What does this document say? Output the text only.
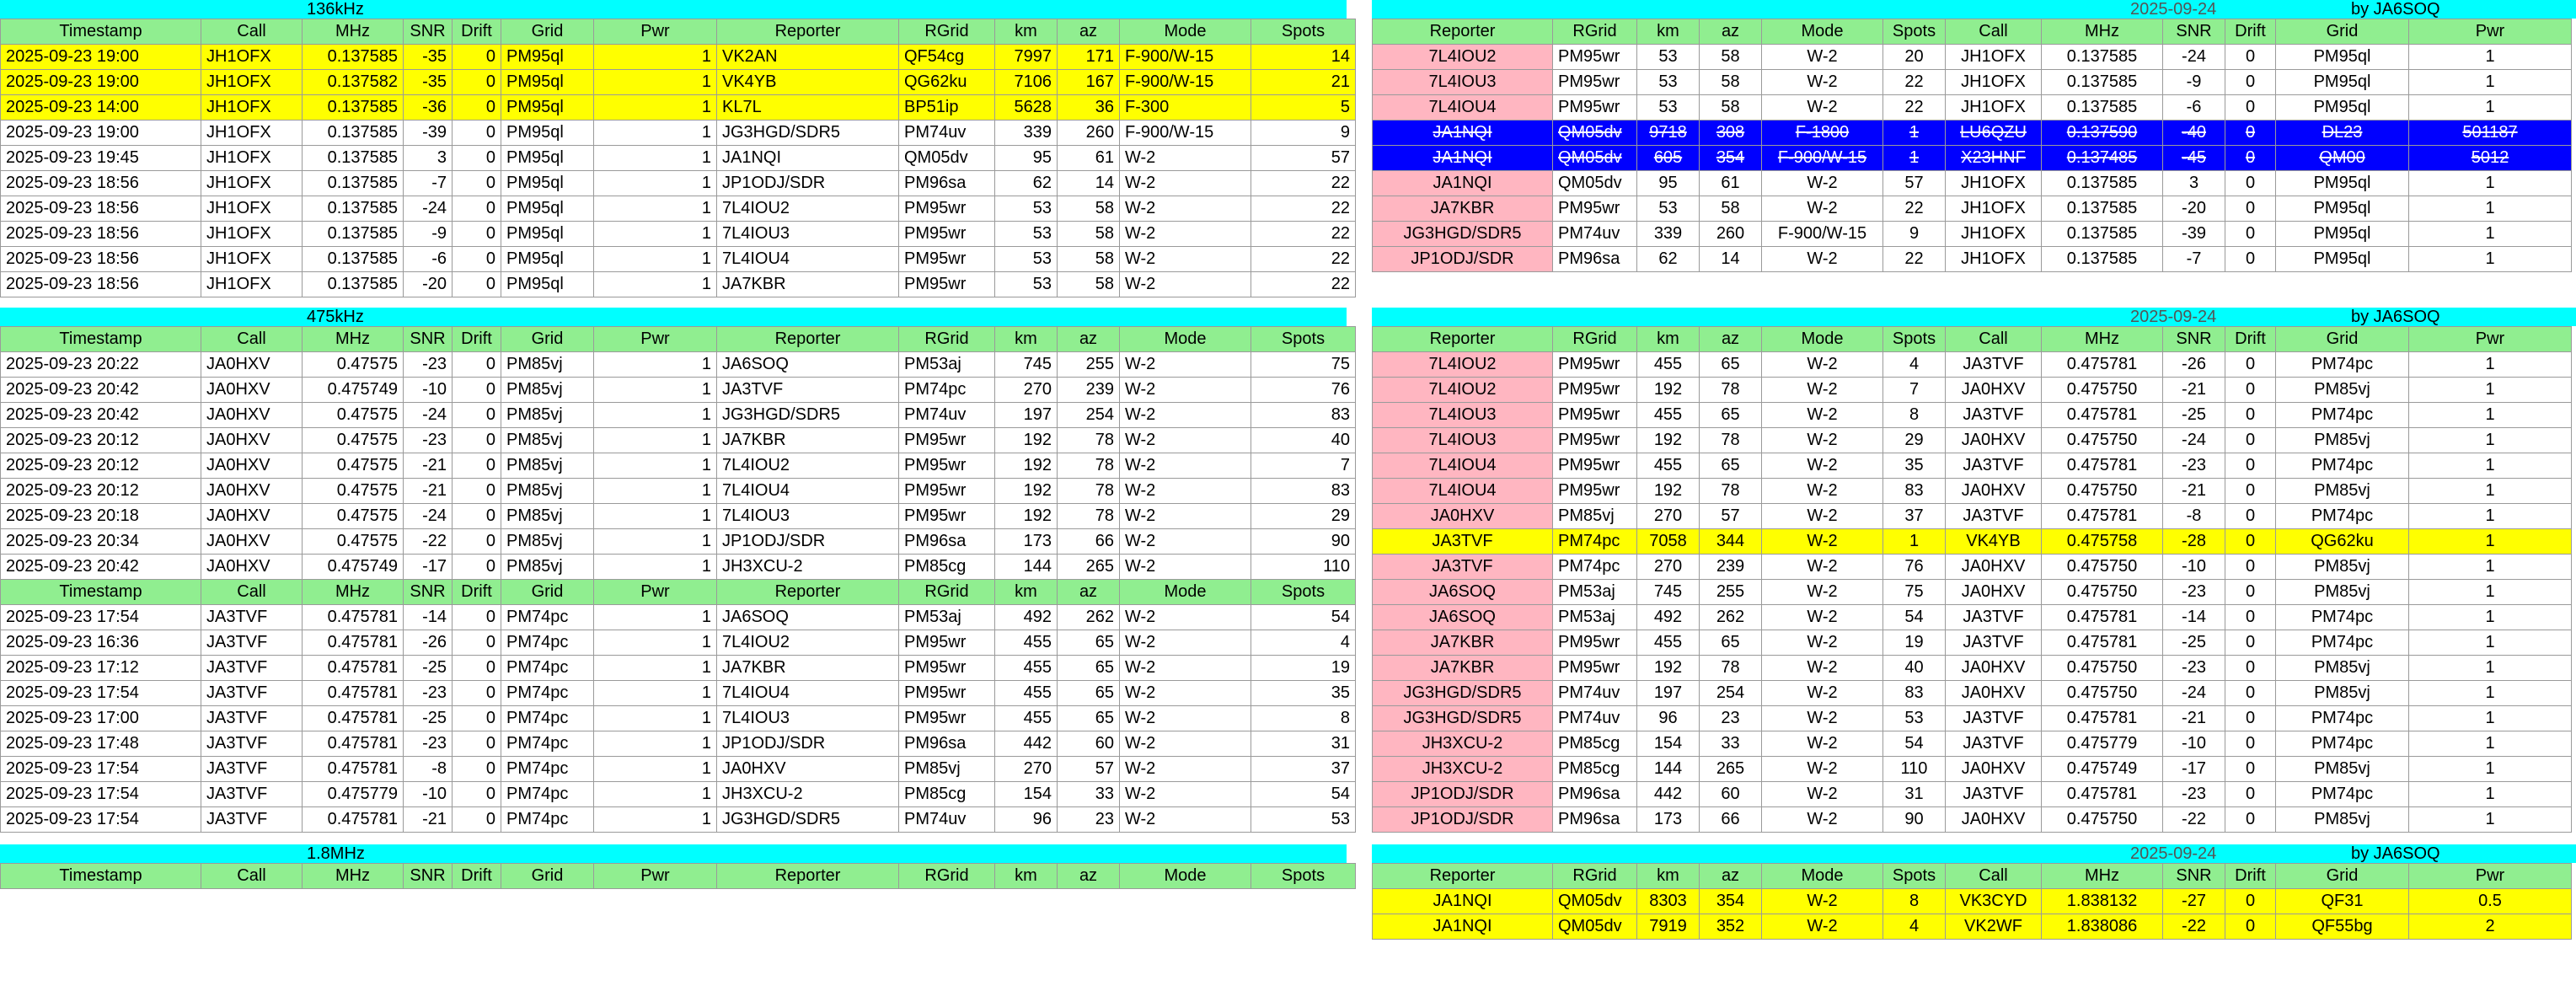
136kHz
Timestamp	Call	MHz	SNR	Drift	Grid	Pwr	Reporter	RGrid	km	az	Mode	Spots
2025-09-23 19:00	JH1OFX	0.137585	-35	0	PM95ql	1	VK2AN	QF54cg	7997	171	F-900/W-15	14
2025-09-23 19:00	JH1OFX	0.137582	-35	0	PM95ql	1	VK4YB	QG62ku	7106	167	F-900/W-15	21
2025-09-23 14:00	JH1OFX	0.137585	-36	0	PM95ql	1	KL7L	BP51ip	5628	36	F-300	5
2025-09-23 19:00	JH1OFX	0.137585	-39	0	PM95ql	1	JG3HGD/SDR5	PM74uv	339	260	F-900/W-15	9
2025-09-23 19:45	JH1OFX	0.137585	3	0	PM95ql	1	JA1NQI	QM05dv	95	61	W-2	57
2025-09-23 18:56	JH1OFX	0.137585	-7	0	PM95ql	1	JP1ODJ/SDR	PM96sa	62	14	W-2	22
2025-09-23 18:56	JH1OFX	0.137585	-24	0	PM95ql	1	7L4IOU2	PM95wr	53	58	W-2	22
2025-09-23 18:56	JH1OFX	0.137585	-9	0	PM95ql	1	7L4IOU3	PM95wr	53	58	W-2	22
2025-09-23 18:56	JH1OFX	0.137585	-6	0	PM95ql	1	7L4IOU4	PM95wr	53	58	W-2	22
2025-09-23 18:56	JH1OFX	0.137585	-20	0	PM95ql	1	JA7KBR	PM95wr	53	58	W-2	22
475kHz
Timestamp	Call	MHz	SNR	Drift	Grid	Pwr	Reporter	RGrid	km	az	Mode	Spots
2025-09-23 20:22	JA0HXV	0.47575	-23	0	PM85vj	1	JA6SOQ	PM53aj	745	255	W-2	75
2025-09-23 20:42	JA0HXV	0.475749	-10	0	PM85vj	1	JA3TVF	PM74pc	270	239	W-2	76
2025-09-23 20:42	JA0HXV	0.47575	-24	0	PM85vj	1	JG3HGD/SDR5	PM74uv	197	254	W-2	83
2025-09-23 20:12	JA0HXV	0.47575	-23	0	PM85vj	1	JA7KBR	PM95wr	192	78	W-2	40
2025-09-23 20:12	JA0HXV	0.47575	-21	0	PM85vj	1	7L4IOU2	PM95wr	192	78	W-2	7
2025-09-23 20:12	JA0HXV	0.47575	-21	0	PM85vj	1	7L4IOU4	PM95wr	192	78	W-2	83
2025-09-23 20:18	JA0HXV	0.47575	-24	0	PM85vj	1	7L4IOU3	PM95wr	192	78	W-2	29
2025-09-23 20:34	JA0HXV	0.47575	-22	0	PM85vj	1	JP1ODJ/SDR	PM96sa	173	66	W-2	90
2025-09-23 20:42	JA0HXV	0.475749	-17	0	PM85vj	1	JH3XCU-2	PM85cg	144	265	W-2	110
Timestamp	Call	MHz	SNR	Drift	Grid	Pwr	Reporter	RGrid	km	az	Mode	Spots
2025-09-23 17:54	JA3TVF	0.475781	-14	0	PM74pc	1	JA6SOQ	PM53aj	492	262	W-2	54
2025-09-23 16:36	JA3TVF	0.475781	-26	0	PM74pc	1	7L4IOU2	PM95wr	455	65	W-2	4
2025-09-23 17:12	JA3TVF	0.475781	-25	0	PM74pc	1	JA7KBR	PM95wr	455	65	W-2	19
2025-09-23 17:54	JA3TVF	0.475781	-23	0	PM74pc	1	7L4IOU4	PM95wr	455	65	W-2	35
2025-09-23 17:00	JA3TVF	0.475781	-25	0	PM74pc	1	7L4IOU3	PM95wr	455	65	W-2	8
2025-09-23 17:48	JA3TVF	0.475781	-23	0	PM74pc	1	JP1ODJ/SDR	PM96sa	442	60	W-2	31
2025-09-23 17:54	JA3TVF	0.475781	-8	0	PM74pc	1	JA0HXV	PM85vj	270	57	W-2	37
2025-09-23 17:54	JA3TVF	0.475779	-10	0	PM74pc	1	JH3XCU-2	PM85cg	154	33	W-2	54
2025-09-23 17:54	JA3TVF	0.475781	-21	0	PM74pc	1	JG3HGD/SDR5	PM74uv	96	23	W-2	53
1.8MHz
Timestamp	Call	MHz	SNR	Drift	Grid	Pwr	Reporter	RGrid	km	az	Mode	Spots
2025-09-24	by JA6SOQ
Reporter	RGrid	km	az	Mode	Spots	Call	MHz	SNR	Drift	Grid	Pwr
7L4IOU2	PM95wr	53	58	W-2	20	JH1OFX	0.137585	-24	0	PM95ql	1
7L4IOU3	PM95wr	53	58	W-2	22	JH1OFX	0.137585	-9	0	PM95ql	1
7L4IOU4	PM95wr	53	58	W-2	22	JH1OFX	0.137585	-6	0	PM95ql	1
JA1NQI	QM05dv	9718	308	F-1800	1	LU6QZU	0.137590	-40	0	DL23	501187
JA1NQI	QM05dv	605	354	F-900/W-15	1	X23HNF	0.137485	-45	0	QM00	5012
JA1NQI	QM05dv	95	61	W-2	57	JH1OFX	0.137585	3	0	PM95ql	1
JA7KBR	PM95wr	53	58	W-2	22	JH1OFX	0.137585	-20	0	PM95ql	1
JG3HGD/SDR5	PM74uv	339	260	F-900/W-15	9	JH1OFX	0.137585	-39	0	PM95ql	1
JP1ODJ/SDR	PM96sa	62	14	W-2	22	JH1OFX	0.137585	-7	0	PM95ql	1
2025-09-24	by JA6SOQ
Reporter	RGrid	km	az	Mode	Spots	Call	MHz	SNR	Drift	Grid	Pwr
7L4IOU2	PM95wr	455	65	W-2	4	JA3TVF	0.475781	-26	0	PM74pc	1
7L4IOU2	PM95wr	192	78	W-2	7	JA0HXV	0.475750	-21	0	PM85vj	1
7L4IOU3	PM95wr	455	65	W-2	8	JA3TVF	0.475781	-25	0	PM74pc	1
7L4IOU3	PM95wr	192	78	W-2	29	JA0HXV	0.475750	-24	0	PM85vj	1
7L4IOU4	PM95wr	455	65	W-2	35	JA3TVF	0.475781	-23	0	PM74pc	1
7L4IOU4	PM95wr	192	78	W-2	83	JA0HXV	0.475750	-21	0	PM85vj	1
JA0HXV	PM85vj	270	57	W-2	37	JA3TVF	0.475781	-8	0	PM74pc	1
JA3TVF	PM74pc	7058	344	W-2	1	VK4YB	0.475758	-28	0	QG62ku	1
JA3TVF	PM74pc	270	239	W-2	76	JA0HXV	0.475750	-10	0	PM85vj	1
JA6SOQ	PM53aj	745	255	W-2	75	JA0HXV	0.475750	-23	0	PM85vj	1
JA6SOQ	PM53aj	492	262	W-2	54	JA3TVF	0.475781	-14	0	PM74pc	1
JA7KBR	PM95wr	455	65	W-2	19	JA3TVF	0.475781	-25	0	PM74pc	1
JA7KBR	PM95wr	192	78	W-2	40	JA0HXV	0.475750	-23	0	PM85vj	1
JG3HGD/SDR5	PM74uv	197	254	W-2	83	JA0HXV	0.475750	-24	0	PM85vj	1
JG3HGD/SDR5	PM74uv	96	23	W-2	53	JA3TVF	0.475781	-21	0	PM74pc	1
JH3XCU-2	PM85cg	154	33	W-2	54	JA3TVF	0.475779	-10	0	PM74pc	1
JH3XCU-2	PM85cg	144	265	W-2	110	JA0HXV	0.475749	-17	0	PM85vj	1
JP1ODJ/SDR	PM96sa	442	60	W-2	31	JA3TVF	0.475781	-23	0	PM74pc	1
JP1ODJ/SDR	PM96sa	173	66	W-2	90	JA0HXV	0.475750	-22	0	PM85vj	1
2025-09-24	by JA6SOQ
Reporter	RGrid	km	az	Mode	Spots	Call	MHz	SNR	Drift	Grid	Pwr
JA1NQI	QM05dv	8303	354	W-2	8	VK3CYD	1.838132	-27	0	QF31	0.5
JA1NQI	QM05dv	7919	352	W-2	4	VK2WF	1.838086	-22	0	QF55bg	2
